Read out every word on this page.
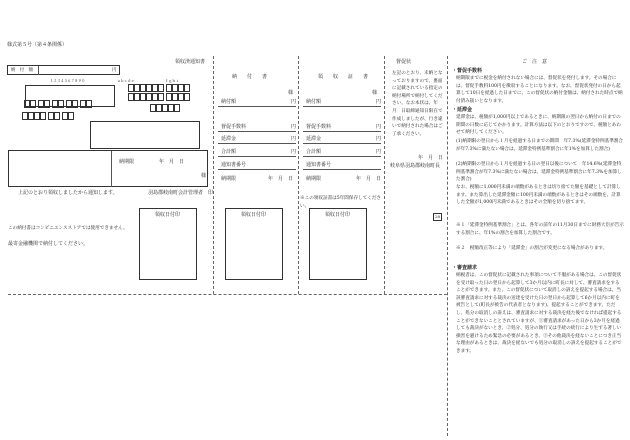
様式第５号（第４条関係）
納　付　額	円
領収済通知書	督促状	ご　注　意
１２３４５６７８９０	ａｂｃｄｅ	ｆｇｈｉ
納　　付　　書	領　　収　　証　　書
様
納付額	円
督促手数料	円
延滞金	円
合計額	円
通知書番号
納期限	年　月　日
様
納付額	円
督促手数料	円
延滞金	円
合計額	円
通知書番号
納期限	年　月　日
左記のとおり、未納となっておりますので、裏面に記載されている指定の納付場所で納付してください。なお本状は、年　月　日取締通知日限在で作成しましたが、行き違いで納付された場合はご了承ください。
年　月　日
岐阜県羽島郡岐南町長
納期限	年　月　日
様
上記のとおり領収しましたから通知します。	羽島郡岐南町会計管理者　印
この納付書はコンビニエンスストアでは使用できません。
最寄金融機関で納付してください。
領収日付印	領収日付印	領収日付印
※この領収証書は5年間保存してください。
28
・督促手数料
納期限までに税金を納付されない場合には、督促状を発付します。その場合には、督促手数料100円を徴収することになります。なお、督促状発付の日から起算して10日を経過した日までに、この督促状の納付金額は、納付された時点で納付済み扱いとなります。
・延滞金
延滞金は、税額が1,000円以上であるときに、納期限の翌日から納付の日までの期間の日数に応じてかかります。計算方法は以下のとおりですので、税額とあわせて納付してください。
(1)納期限の翌日から１月を経過する日までの期間　年7.3%(延滞金特例基準割合が年7.3%に満たない場合は、延滞金特例基準割合に年1%を加算した割合)
(2)納期限の翌日から１月を経過する日の翌日以後について　年14.6%(延滞金特例基準割合が年7.3%に満たない場合は、延滞金特例基準割合に年7.3%を加算した割合)
なお、税額に1,000円未満の端数があるときは切り捨てた額を基礎として計算します。また算出した延滞金額に100円未満の端数があるときはその端数を、計算した全額が1,000円未満であるときはその全額を切り捨てます。
※１「延滞金特例基準割合」とは、各年の前年の11月30日までに財務大臣が告示する割合に、年1%の割合を加算した割合です。
※２　税額改正等により「延滞金」の割合が変更になる場合があります。
・審査請求
納税者は、この督促状に記載された事項について不服がある場合は、この督促状を受け取った日の翌日から起算して3か月以内に町長に対して、審査請求をすることができます。また、この督促状について取消しの訴えを提起する場合は、当該審査請求に対する裁決の送達を受けた日の翌日から起算して6か月以内に町を被告として(町長が被告の代表者となります)、提起することができます。ただし、処分の取消しの訴えは、審査請求に対する裁決を経た後でなければ提起することができないこととされていますが、①審査請求があった日から3か月を経過しても裁決がないとき、②処分、処分の執行又は手続の続行により生ずる著しい損害を避けるため緊急の必要があるとき、③その他裁決を経ないことにつき正当な理由があるときは、裁決を経ないでも処分の取消しの訴えを提起することができます。
